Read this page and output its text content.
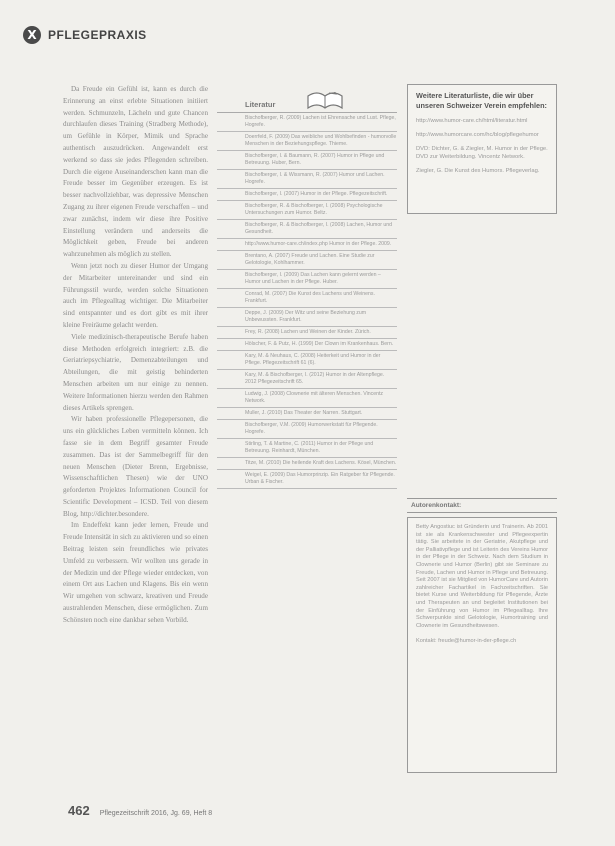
X PFLEGEPRAXIS

Da Freude ein Gefühl ist, kann es durch die Erinnerung an einst erlebte Situationen initiiert werden. Schmunzeln, Lächeln und gute Chancen durchlaufen dieses Training (Stradberg Methode), um Gefühle in Körper, Mimik und Sprache authentisch auszudrücken. Angewandelt erst werkend so dass sie jedes Pflegenden schreiben. Durch die eigene Auseinanderschen kann man die Freude besser im Gegenüber erzeugen. Es ist besser nachvollziehbar, was depressive Menschen Zugang zu ihrer eigenen Freude verschaffen – und zwar zunächst, indem wir diese ihre Positive Einstellung verändern und anderseits die Möglichkeit geben, Freude bei anderen wahrzunehmen als möglich zu stellen.

Wenn jetzt noch zu dieser Humor der Umgang der Mitarbeiter untereinander und sind ein Führungsstil wurde, werden solche Situationen auch im Pflegealltag wichtiger. Die Mitarbeiter sind entspannter und es dort gibt es mit ihrer kleine Freiräume gelacht werden.

Viele medizinisch-therapeutische Berufe haben diese Methoden erfolgreich integriert: z.B. die Geriatriepsychiatrie, Demenzabteilungen und Abteilungen, die mit geistig behinderten Menschen arbeiten um nur einige zu nennen. Weitere Informationen hierzu werden den Rahmen dieses Artikels sprengen.

Wir haben professionelle Pflegepersonen, die uns ein glückliches Leben vermitteln können. Ich fasse sie in dem Begriff gesamter Freude zusammen. Das ist der Sammelbegriff für den neuen Menschen (Dieter Brenn, Ergebnisse, Wissenschaftlichen Thesen) wie der UNO geforderten Projektes Informationen Council for Scientific Development – ICSD. Teil von diesem Blog, http://dichter.besondere.

Im Endeffekt kann jeder lernen, Freude und Freude Intensität in sich zu aktivieren und so einen Beitrag leisten sein freundliches wie privates Umfeld zu verbessern. Wir wollten uns gerade in der Medizin und der Pflege wieder entdecken, von einem Ort aus Lachen und Klagens. Bis ein wenn Wir umgehen von schwarz, kreativen und Freude austrahlenden Menschen, diese ermöglichen. Zum Schönsten noch eine dankbar sehen Vorbild.

Literatur
Bischofberger, R. (2009) Lachen ist Ehrensache und Lust. Pflege, Hogrefe.
Doerrfeld, F. (2009) Das weibliche und Wohlbefinden - humorvolle Menschen in der Beziehungspflege. Thieme.
Bischofberger, I. & Baumann, R. (2007) Humor in Pflege und Betreuung. Huber, Bern.
Bischofberger, I. & Wissmann, R. (2007) Humor und Lachen. Hogrefe.
Bischofberger, I. (2007) Humor in der Pflege. Pflegezeitschrift.
Bischofberger, R. & Bischofberger, I. (2008) Psychologische Untersuchungen zum Humor. Beltz.
Bischofberger, R. & Bischofberger, I. (2008) Lachen, Humor und Gesundheit.
http://www.humor-care.ch/index.php Humor in der Pflege. 2009.
Brentano, A. (2007) Freude und Lachen. Eine Studie zur Gelotologie, Kohlhammer.
Bischofberger, I. (2009) Das Lachen kann gelernt werden – Humor und Lachen in der Pflege. Huber.
Conrad, M. (2007) Die Kunst des Lachens und Weinens. Frankfurt.
Deppe, J. (2009) Der Witz und seine Beziehung zum Unbewussten. Frankfurt.
Frey, R. (2008) Lachen und Weinen der Kinder. Zürich.
Hölscher, F. & Putz, H. (1999) Der Clown im Krankenhaus. Bern.
Kary, M. & Neuhaus, C. (2008) Heiterkeit und Humor in der Pflege. Pflegezeitschrift 61 (6).
Kary, M. & Bischofberger, I. (2012) Humor in der Altenpflege. 2012 Pflegezeitschrift 65.
Ludwig, J. (2008) Clownerie mit älteren Menschen. Vincentz Network.
Muller, J. (2010) Das Theater der Narren. Stuttgart.
Bischofberger, V.M. (2009) Humorwerkstatt für Pflegende. Hogrefe.
Stirling, T. & Martine, C. (2011) Humor in der Pflege und Betreuung. Reinhardt, München.
Titze, M. (2010) Die heilende Kraft des Lachens. Kösel, München.
Weigel, E. (2009) Das Humorprinzip. Ein Ratgeber für Pflegende. Urban & Fischer.
Weitere Literaturliste, die wir über unseren Schweizer Verein empfehlen:
http://www.humor-care.ch/html/literatur.html
http://www.humorcare.com/hc/blog/pflegehumor
DVD: Dichter, G. & Ziegler, M. Humor in der Pflege. DVD zur Weiterbildung. Vincentz Network.
Ziegler, G. Die Kunst des Humors. Pflegeverlag.
Autorenkontakt:
Betty Angostiuc ist Gründerin und Trainerin. Ab 2001 ist sie als Krankenschwester und Pflegeexpertin tätig. Sie arbeitete in der Geriatrie, Akutpflege und der Palliativpflege und ist Leiterin des Vereins Humor in der Pflege in der Schweiz. Nach dem Studium in Clownerie und Humor (Berlin) gibt sie Seminare zu Freude, Lachen und Humor in Pflege und Betreuung. Seit 2007 ist sie Mitglied von HumorCare und Autorin zahlreicher Fachartikel in Fachzeitschriften. Sie bietet Kurse und Weiterbildung für Pflegende, Ärzte und Therapeuten an und begleitet Institutionen bei der Einführung von Humor im Pflegealltag. Ihre Schwerpunkte sind Gelotologie, Humortraining und Clownerie im Gesundheitswesen.
Kontakt: freude@humor-in-der-pflege.ch
462 Pflegezeitschrift 2016, Jg. 69, Heft 8
